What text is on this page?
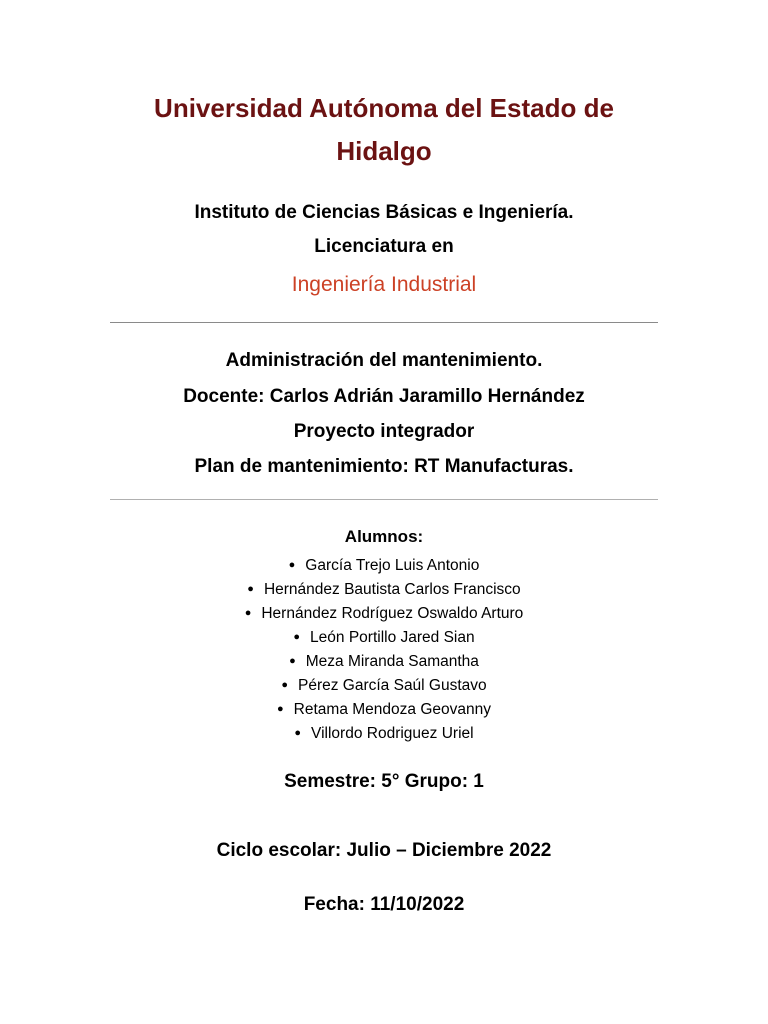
Universidad Autónoma del Estado de
Hidalgo
Instituto de Ciencias Básicas e Ingeniería.
Licenciatura en
Ingeniería Industrial
Administración del mantenimiento.
Docente: Carlos Adrián Jaramillo Hernández
Proyecto integrador
Plan de mantenimiento: RT Manufacturas.
Alumnos:
● García Trejo Luis Antonio
● Hernández Bautista Carlos Francisco
● Hernández Rodríguez Oswaldo Arturo
● León Portillo Jared Sian
● Meza Miranda Samantha
● Pérez García Saúl Gustavo
● Retama Mendoza Geovanny
● Villordo Rodriguez Uriel
Semestre: 5° Grupo: 1
Ciclo escolar: Julio – Diciembre 2022
Fecha: 11/10/2022
